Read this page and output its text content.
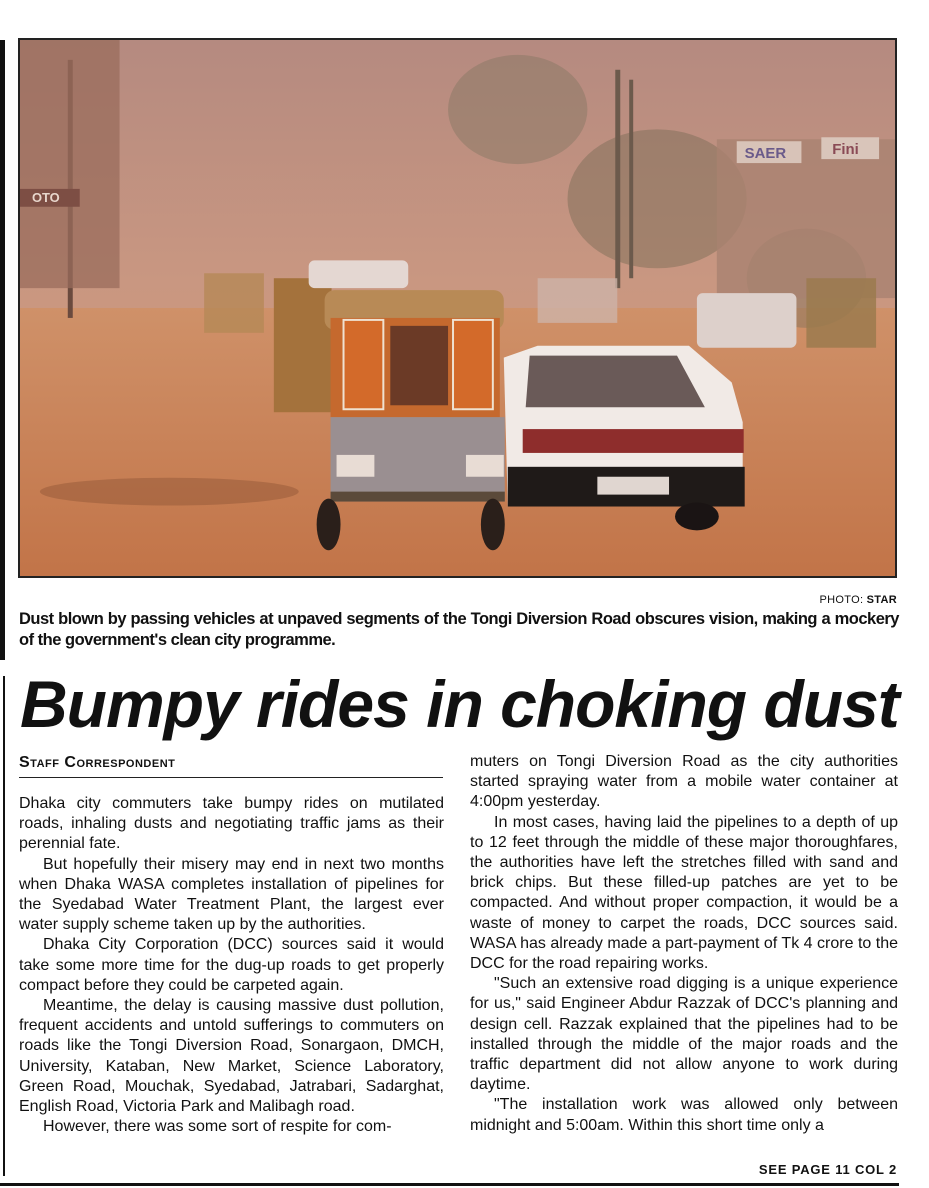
OTO
SAER	Fini
PHOTO: STAR
Dust blown by passing vehicles at unpaved segments of the Tongi Diversion Road obscures vision, making a mockery of the government's clean city programme.
Bumpy rides in choking dust
Staff Correspondent

Dhaka city commuters take bumpy rides on mutilated roads, inhaling dusts and negotiating traffic jams as their perennial fate.

But hopefully their misery may end in next two months when Dhaka WASA completes installation of pipelines for the Syedabad Water Treatment Plant, the largest ever water supply scheme taken up by the authorities.

Dhaka City Corporation (DCC) sources said it would take some more time for the dug-up roads to get properly compact before they could be carpeted again.

Meantime, the delay is causing massive dust pollution, frequent accidents and untold sufferings to commuters on roads like the Tongi Diversion Road, Sonargaon, DMCH, University, Kataban, New Market, Science Laboratory, Green Road, Mouchak, Syedabad, Jatrabari, Sadarghat, English Road, Victoria Park and Malibagh road.

However, there was some sort of respite for com-

muters on Tongi Diversion Road as the city authorities started spraying water from a mobile water container at 4:00pm yesterday.

In most cases, having laid the pipelines to a depth of up to 12 feet through the middle of these major thoroughfares, the authorities have left the stretches filled with sand and brick chips. But these filled-up patches are yet to be compacted. And without proper compaction, it would be a waste of money to carpet the roads, DCC sources said. WASA has already made a part-payment of Tk 4 crore to the DCC for the road repairing works.

"Such an extensive road digging is a unique experience for us," said Engineer Abdur Razzak of DCC's planning and design cell. Razzak explained that the pipelines had to be installed through the middle of the major roads and the traffic department did not allow anyone to work during daytime.

"The installation work was allowed only between midnight and 5:00am. Within this short time only a

SEE PAGE 11 COL 2
